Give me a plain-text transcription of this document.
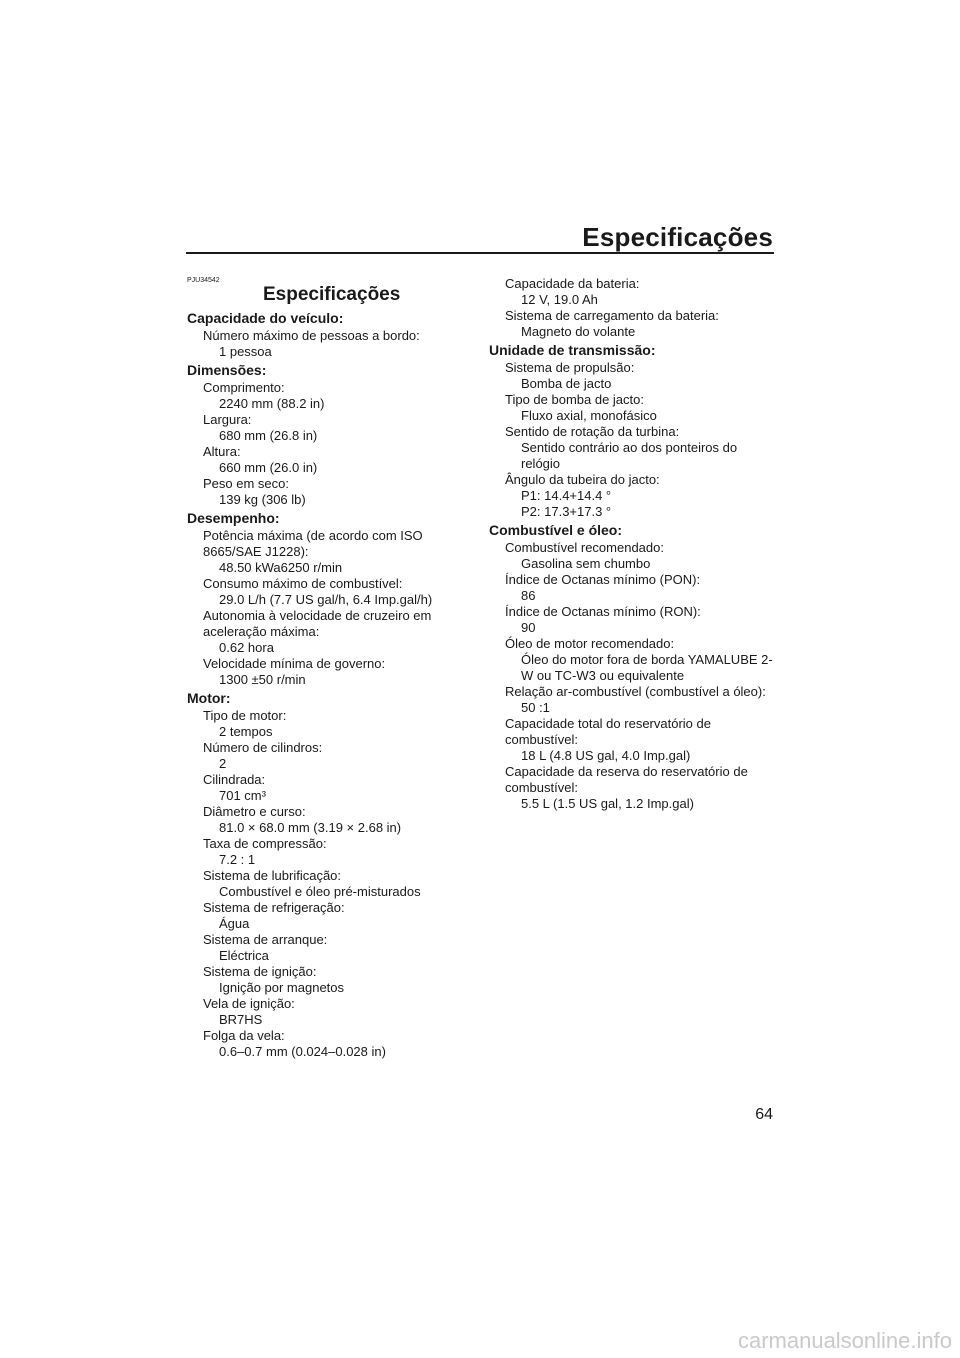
Especificações
PJU34542
Especificações
Capacidade do veículo:
Número máximo de pessoas a bordo:
1 pessoa
Dimensões:
Comprimento:
2240 mm (88.2 in)
Largura:
680 mm (26.8 in)
Altura:
660 mm (26.0 in)
Peso em seco:
139 kg (306 lb)
Desempenho:
Potência máxima (de acordo com ISO
8665/SAE J1228):
48.50 kWa6250 r/min
Consumo máximo de combustível:
29.0 L/h (7.7 US gal/h, 6.4 Imp.gal/h)
Autonomia à velocidade de cruzeiro em
aceleração máxima:
0.62 hora
Velocidade mínima de governo:
1300 ±50 r/min
Motor:
Tipo de motor:
2 tempos
Número de cilindros:
2
Cilindrada:
701 cm³
Diâmetro e curso:
81.0 × 68.0 mm (3.19 × 2.68 in)
Taxa de compressão:
7.2 : 1
Sistema de lubrificação:
Combustível e óleo pré-misturados
Sistema de refrigeração:
Água
Sistema de arranque:
Eléctrica
Sistema de ignição:
Ignição por magnetos
Vela de ignição:
BR7HS
Folga da vela:
0.6–0.7 mm (0.024–0.028 in)
Capacidade da bateria:
12 V, 19.0 Ah
Sistema de carregamento da bateria:
Magneto do volante
Unidade de transmissão:
Sistema de propulsão:
Bomba de jacto
Tipo de bomba de jacto:
Fluxo axial, monofásico
Sentido de rotação da turbina:
Sentido contrário ao dos ponteiros do relógio
Ângulo da tubeira do jacto:
P1: 14.4+14.4 °
P2: 17.3+17.3 °
Combustível e óleo:
Combustível recomendado:
Gasolina sem chumbo
Índice de Octanas mínimo (PON):
86
Índice de Octanas mínimo (RON):
90
Óleo de motor recomendado:
Óleo do motor fora de borda YAMALUBE 2-
W ou TC-W3 ou equivalente
Relação ar-combustível (combustível a óleo):
50 :1
Capacidade total do reservatório de
combustível:
18 L (4.8 US gal, 4.0 Imp.gal)
Capacidade da reserva do reservatório de
combustível:
5.5 L (1.5 US gal, 1.2 Imp.gal)
64
carmanualsonline.info
